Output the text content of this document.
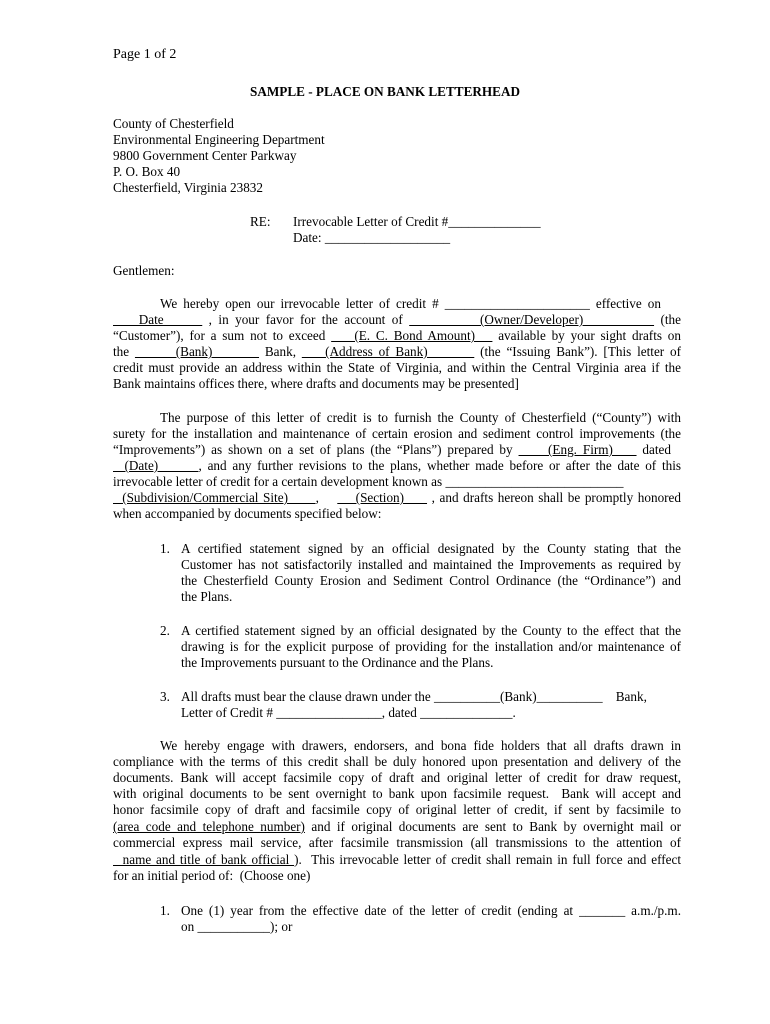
Page 1 of 2
SAMPLE - PLACE ON BANK LETTERHEAD
County of Chesterfield
Environmental Engineering Department
9800 Government Center Parkway
P. O. Box 40
Chesterfield, Virginia 23832
RE: Irrevocable Letter of Credit #______________
Date: ___________________
Gentlemen:
We hereby open our irrevocable letter of credit # ______________________ effective on
Date       , in your favor for the account of            (Owner/Developer)            (the
“Customer”), for a sum not to exceed     (E. C. Bond Amount)    available by your sight drafts on
the        (Bank)         Bank,     (Address of Bank)         (the “Issuing Bank”). [This letter of
credit must provide an address within the State of Virginia, and within the Central Virginia area if the
Bank maintains offices there, where drafts and documents may be presented]
The purpose of this letter of credit is to furnish the County of Chesterfield (“County”) with
surety for the installation and maintenance of certain erosion and sediment control improvements (the
“Improvements”) as shown on a set of plans (the “Plans”) prepared by      (Eng. Firm)     dated
(Date)       , and any further revisions to the plans, whether made before or after the date of this
irrevocable letter of credit for a certain development known as ___________________________
(Subdivision/Commercial Site)      ,        (Section)      , and drafts hereon shall be promptly honored
when accompanied by documents specified below:
1. A certified statement signed by an official designated by the County stating that the
Customer has not satisfactorily installed and maintained the Improvements as required by
the Chesterfield County Erosion and Sediment Control Ordinance (the “Ordinance”) and
the Plans.
2. A certified statement signed by an official designated by the County to the effect that the
drawing is for the explicit purpose of providing for the installation and/or maintenance of
the Improvements pursuant to the Ordinance and the Plans.
3. All drafts must bear the clause drawn under the __________(Bank)__________    Bank,
Letter of Credit # ________________, dated ______________.
We hereby engage with drawers, endorsers, and bona fide holders that all drafts drawn in
compliance with the terms of this credit shall be duly honored upon presentation and delivery of the
documents. Bank will accept facsimile copy of draft and original letter of credit for draw request,
with original documents to be sent overnight to bank upon facsimile request.  Bank will accept and
honor facsimile copy of draft and facsimile copy of original letter of credit, if sent by facsimile to
(area code and telephone number) and if original documents are sent to Bank by overnight mail or
commercial express mail service, after facsimile transmission (all transmissions to the attention of
name and title of bank official ).  This irrevocable letter of credit shall remain in full force and effect
for an initial period of:  (Choose one)
1. One (1) year from the effective date of the letter of credit (ending at _______ a.m./p.m.
on ___________); or
